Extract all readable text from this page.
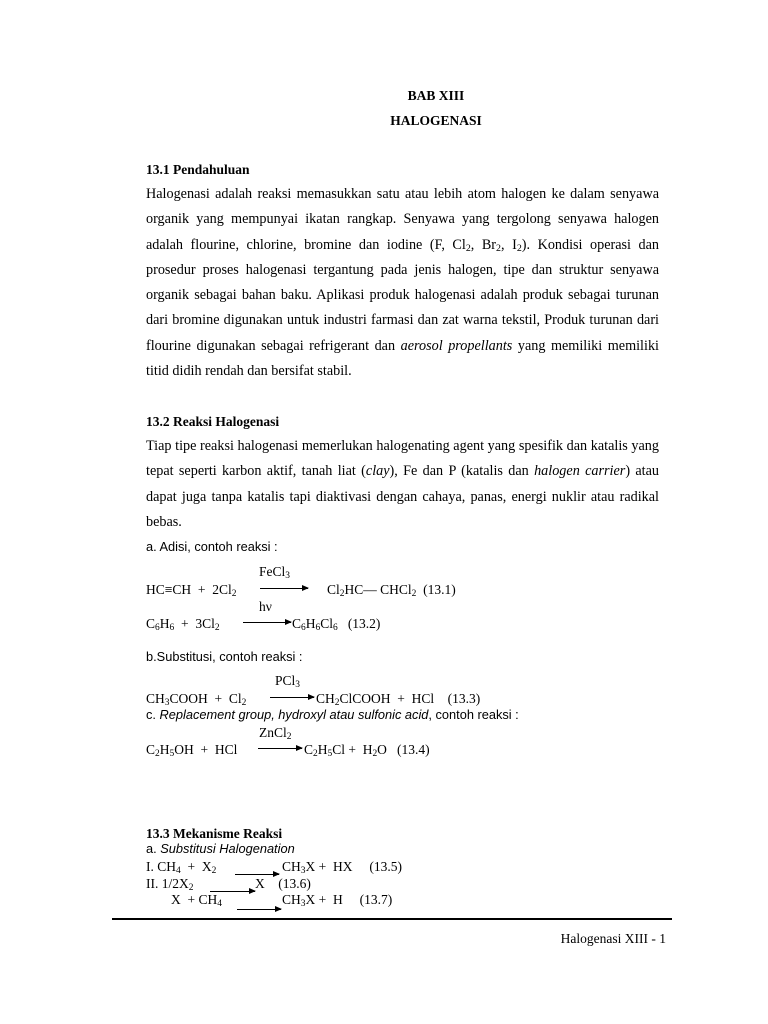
BAB XIII
HALOGENASI
13.1 Pendahuluan

Halogenasi adalah reaksi memasukkan satu atau lebih atom halogen ke dalam senyawa organik yang mempunyai ikatan rangkap. Senyawa yang tergolong senyawa halogen adalah flourine, chlorine, bromine dan iodine (F, $Cl_2$, $Br_2$, $I_2$). Kondisi operasi dan prosedur proses halogenasi tergantung pada jenis halogen, tipe dan struktur senyawa organik sebagai bahan baku. Aplikasi produk halogenasi adalah produk sebagai turunan dari bromine digunakan untuk industri farmasi dan zat warna tekstil, Produk turunan dari flourine digunakan sebagai refrigerant dan aerosol propellants yang memiliki memiliki titid didih rendah dan bersifat stabil.

13.2 Reaksi Halogenasi

Tiap tipe reaksi halogenasi memerlukan halogenating agent yang spesifik dan katalis yang tepat seperti karbon aktif, tanah liat (clay), Fe dan P (katalis dan halogen carrier) atau dapat juga tanpa katalis tapi diaktivasi dengan cahaya, panas, energi nuklir atau radikal bebas.

a. Adisi, contoh reaksi :
FeCl$_3$
$HC\equiv CH + 2Cl_2$	$Cl_2HC—$ CHCl$_2$  (13.1)
hν
$C_6H_6 + 3Cl_2$	$C_6H_6Cl_6$   (13.2)
b.Substitusi, contoh reaksi :
PCl$_3$
$CH_3COOH + Cl_2$	$CH_2ClCOOH$  +  HCl    (13.3)
c. Replacement group, hydroxyl atau sulfonic acid, contoh reaksi :
ZnCl$_2$
$C_2H_5OH$  +  HCl	$C_2H_5Cl + H_2O$   (13.4)
13.3 Mekanisme Reaksi
a. Substitusi Halogenation
I. $CH_4 + X_2$	$CH_3X$ +  HX     (13.5)
II. $1/2X_2$	X    (13.6)
$X + CH_4$	$CH_3X + H$     (13.7)
Halogenasi XIII - 1
